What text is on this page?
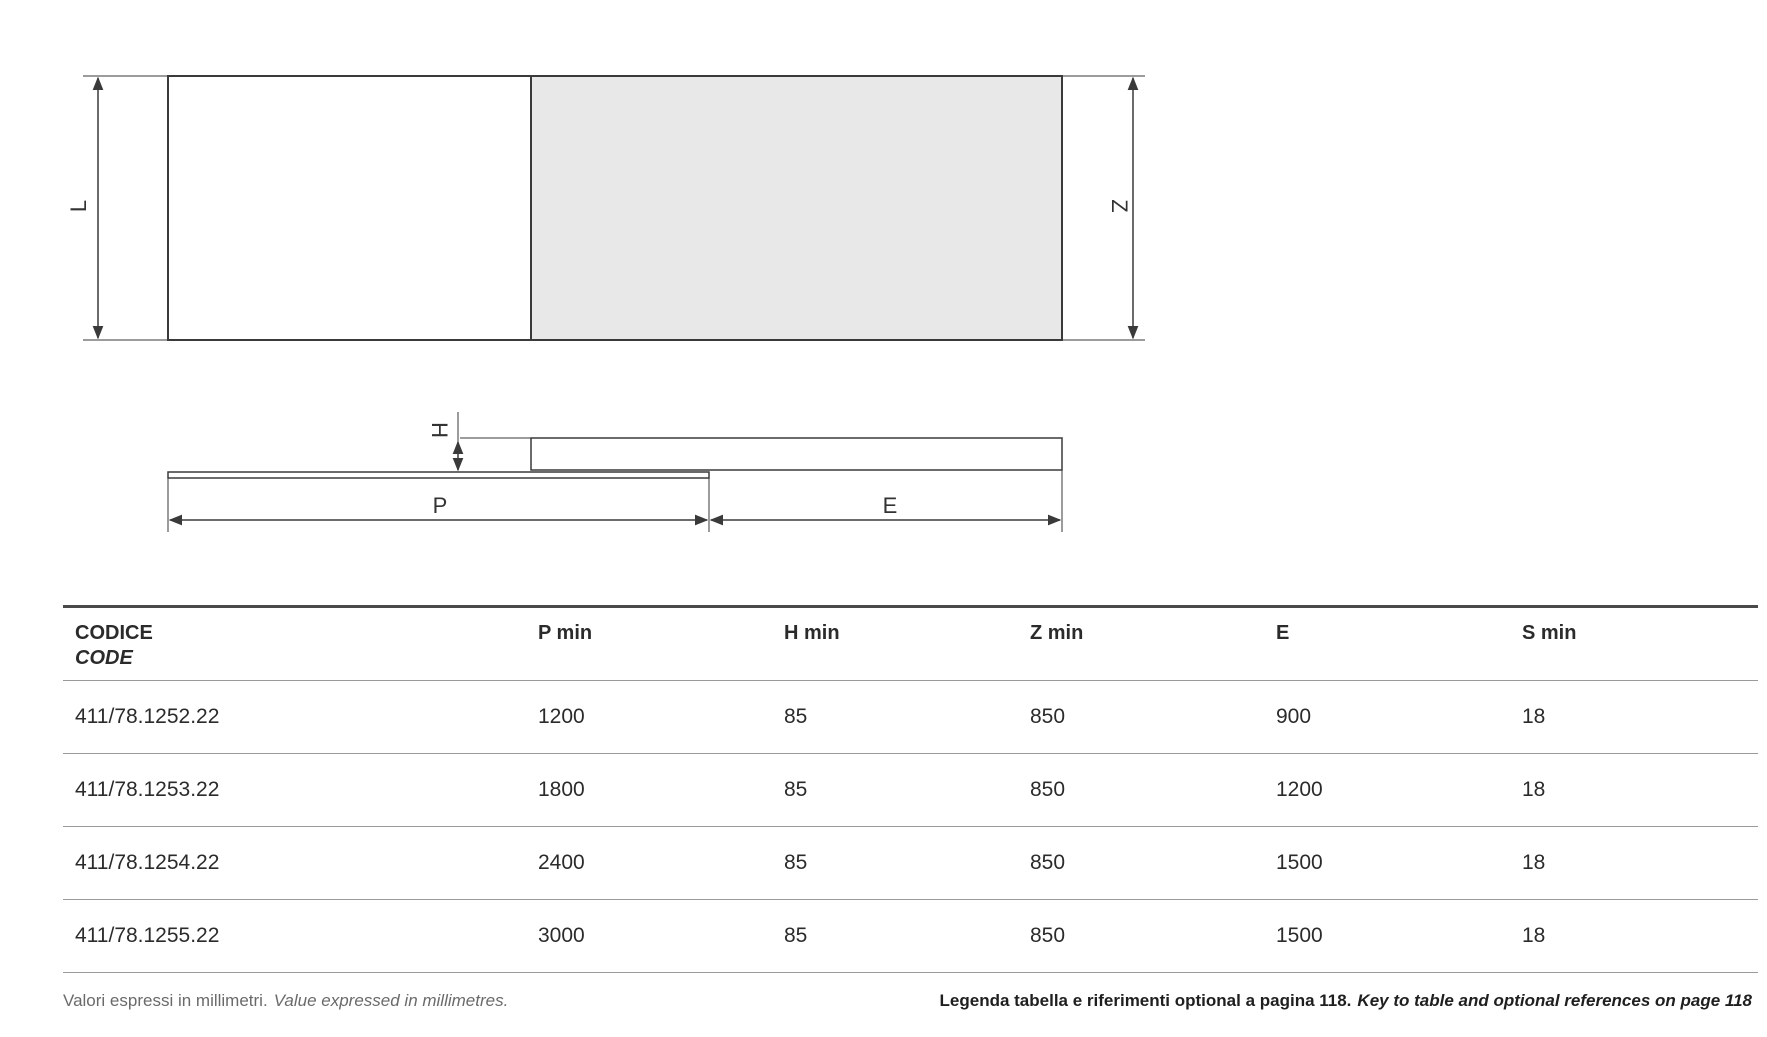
L	Z
H
P	E
CODICE
CODE	P min	H min	Z min	E	S min
411/78.1252.22	1200	85	850	900	18
411/78.1253.22	1800	85	850	1200	18
411/78.1254.22	2400	85	850	1500	18
411/78.1255.22	3000	85	850	1500	18
Valori espressi in millimetri. Value expressed in millimetres.	Legenda tabella e riferimenti optional a pagina 118. Key to table and optional references on page 118
